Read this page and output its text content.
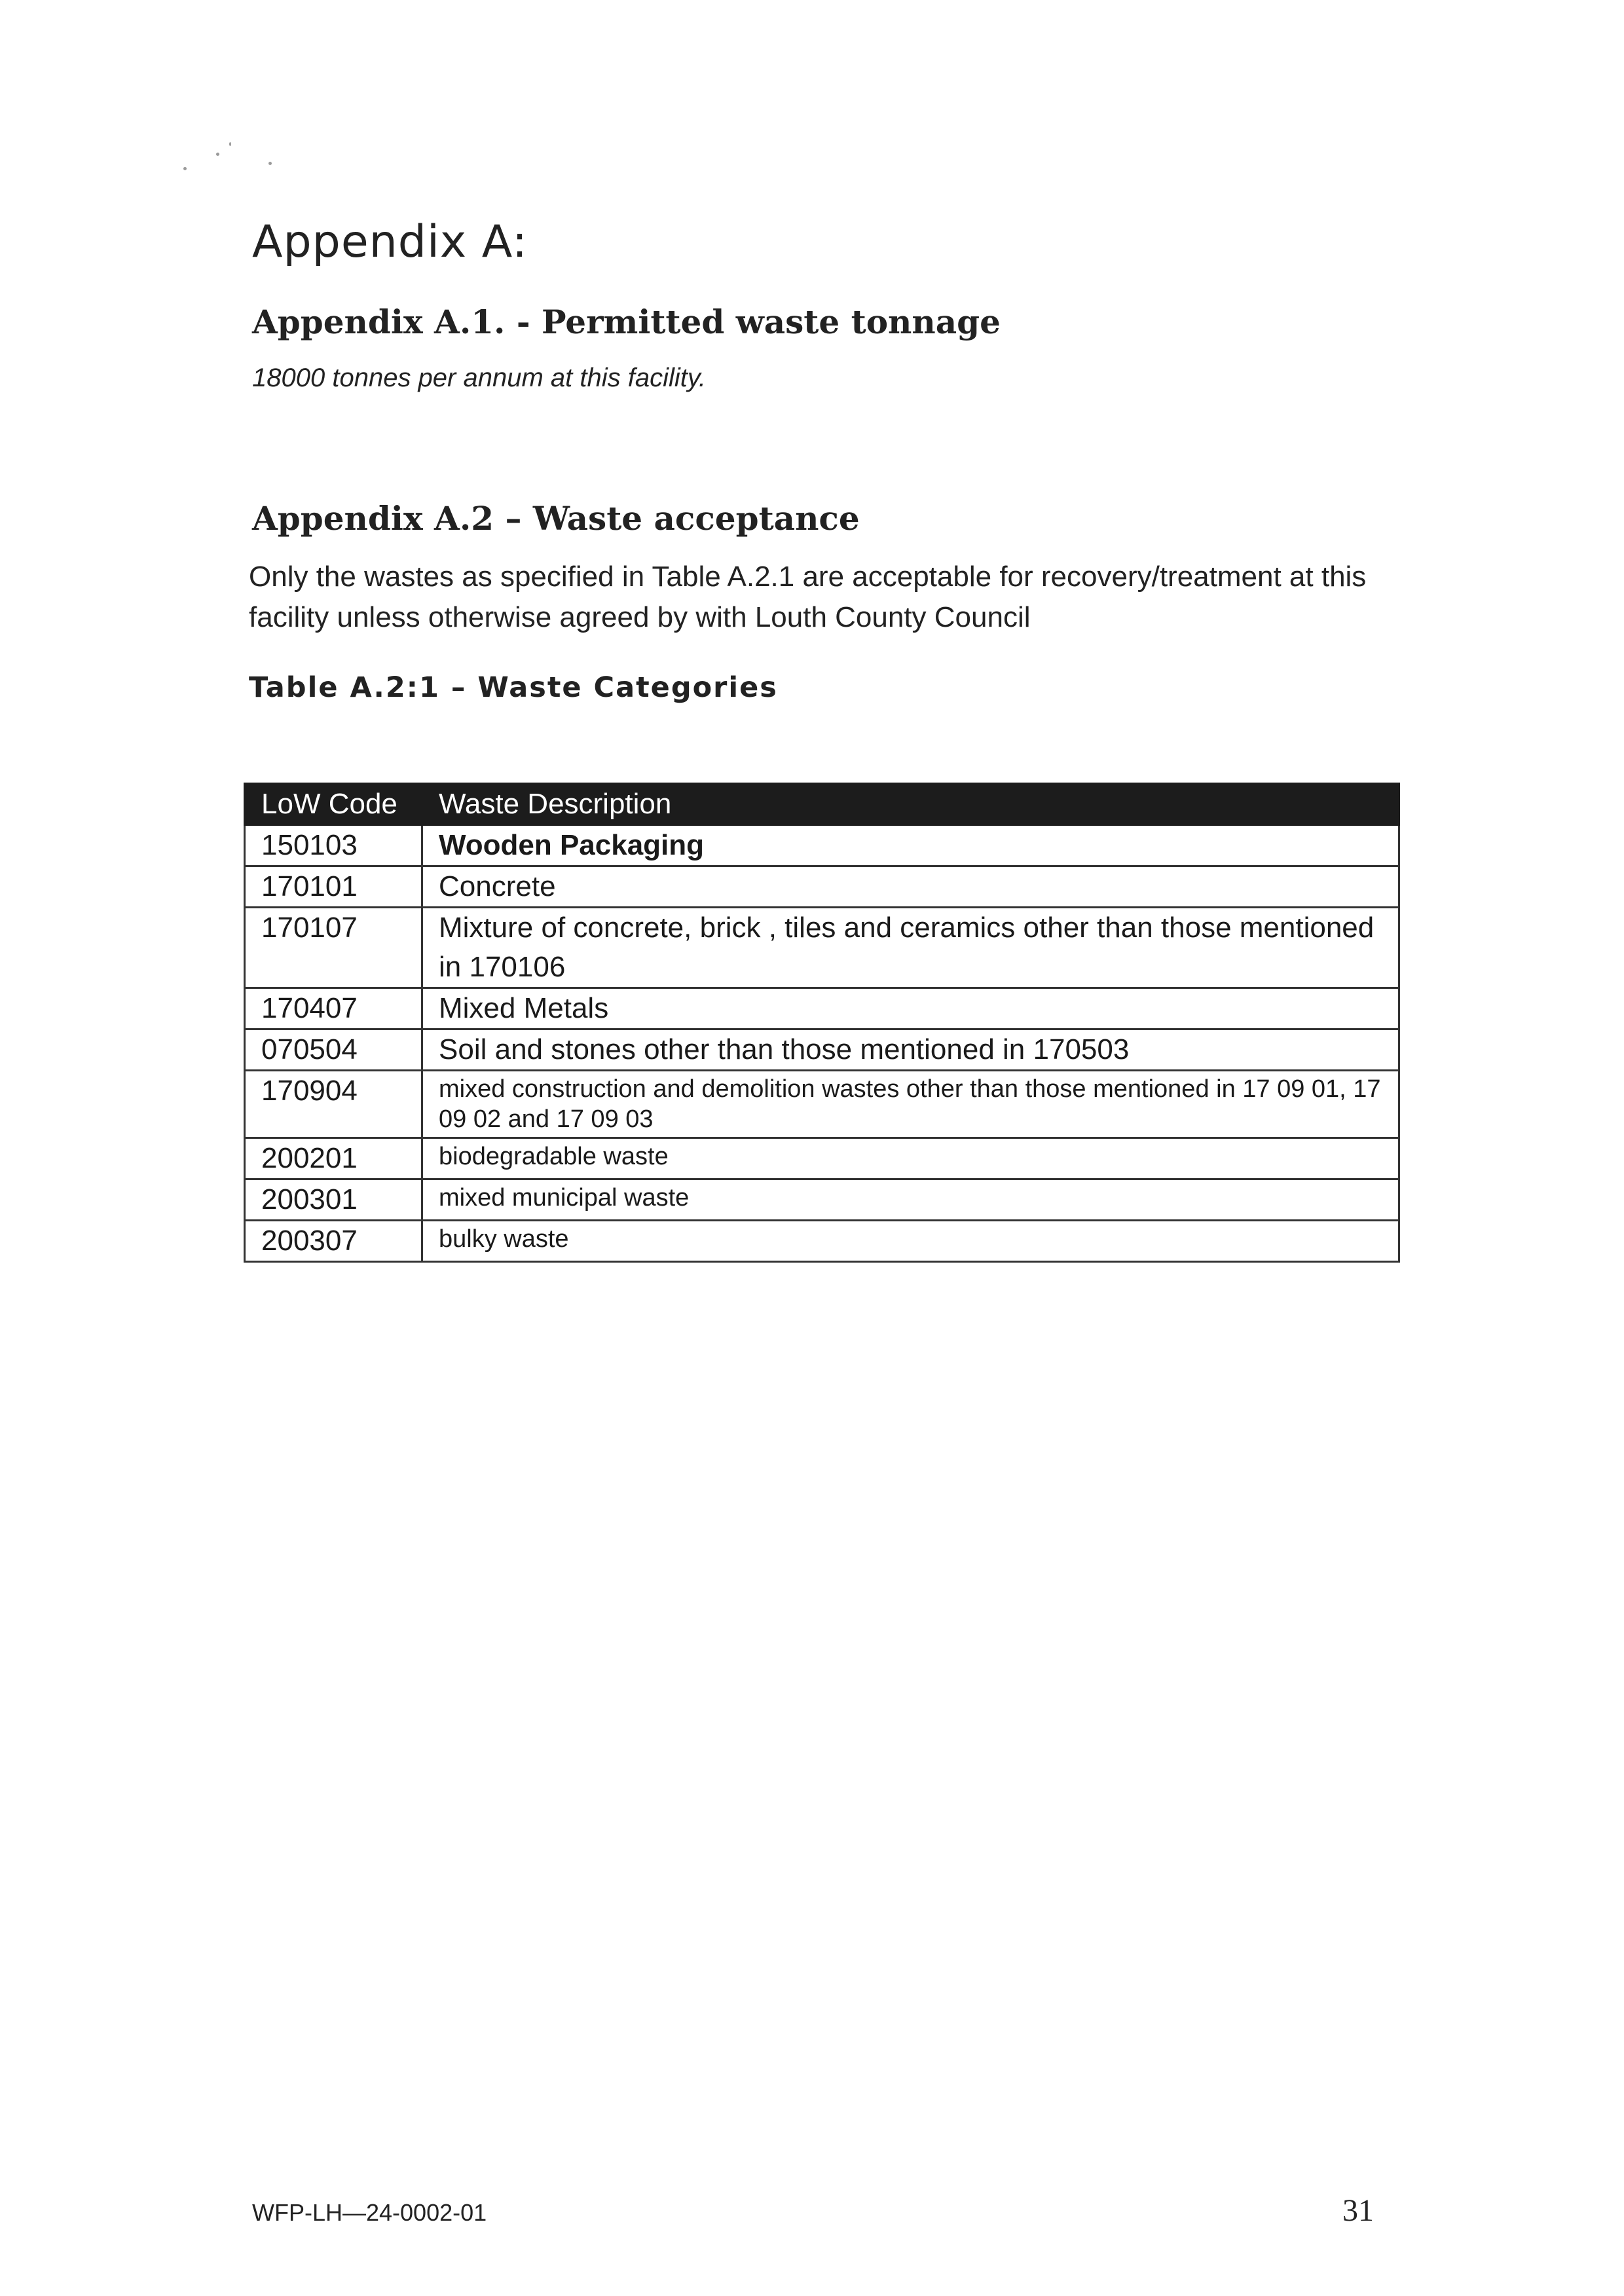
Appendix A:
Appendix A.1. - Permitted waste tonnage
18000 tonnes per annum at this facility.
Appendix A.2 – Waste acceptance
Only the wastes as specified in Table A.2.1 are acceptable for recovery/treatment at this facility unless otherwise agreed by with Louth County Council
Table A.2:1 – Waste Categories
LoW Code	Waste Description
150103	Wooden Packaging
170101	Concrete
170107	Mixture of concrete, brick , tiles and ceramics other than those mentioned in 170106
170407	Mixed Metals
070504	Soil and stones other than those mentioned in 170503
170904	mixed construction and demolition wastes other than those mentioned in 17 09 01, 17 09 02 and 17 09 03
200201	biodegradable waste
200301	mixed municipal waste
200307	bulky waste
WFP-LH—24-0002-01	31
